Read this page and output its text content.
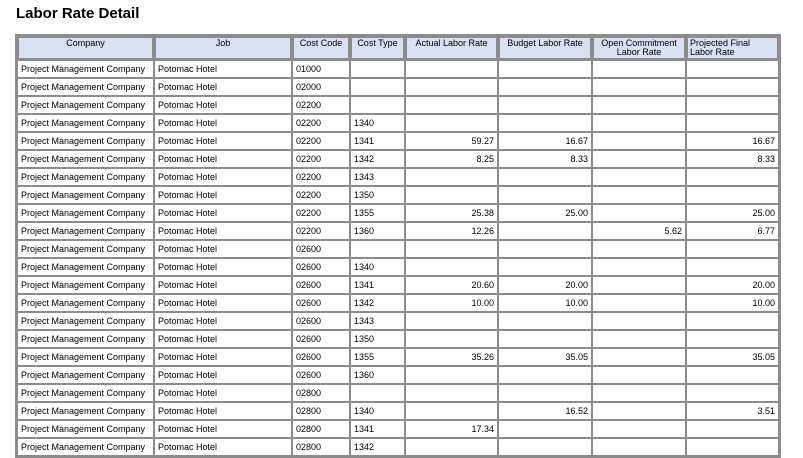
Labor Rate Detail
Company	Job	Cost Code	Cost Type	Actual Labor Rate	Budget Labor Rate	Open Commitment Labor Rate	Projected Final Labor Rate
Project Management Company	Potomac Hotel	01000					
Project Management Company	Potomac Hotel	02000					
Project Management Company	Potomac Hotel	02200					
Project Management Company	Potomac Hotel	02200	1340				
Project Management Company	Potomac Hotel	02200	1341	59.27	16.67		16.67
Project Management Company	Potomac Hotel	02200	1342	8.25	8.33		8.33
Project Management Company	Potomac Hotel	02200	1343				
Project Management Company	Potomac Hotel	02200	1350				
Project Management Company	Potomac Hotel	02200	1355	25.38	25.00		25.00
Project Management Company	Potomac Hotel	02200	1360	12.26		5.62	6.77
Project Management Company	Potomac Hotel	02600					
Project Management Company	Potomac Hotel	02600	1340				
Project Management Company	Potomac Hotel	02600	1341	20.60	20.00		20.00
Project Management Company	Potomac Hotel	02600	1342	10.00	10.00		10.00
Project Management Company	Potomac Hotel	02600	1343				
Project Management Company	Potomac Hotel	02600	1350				
Project Management Company	Potomac Hotel	02600	1355	35.26	35.05		35.05
Project Management Company	Potomac Hotel	02600	1360				
Project Management Company	Potomac Hotel	02800					
Project Management Company	Potomac Hotel	02800	1340		16.52		3.51
Project Management Company	Potomac Hotel	02800	1341	17.34			
Project Management Company	Potomac Hotel	02800	1342				
